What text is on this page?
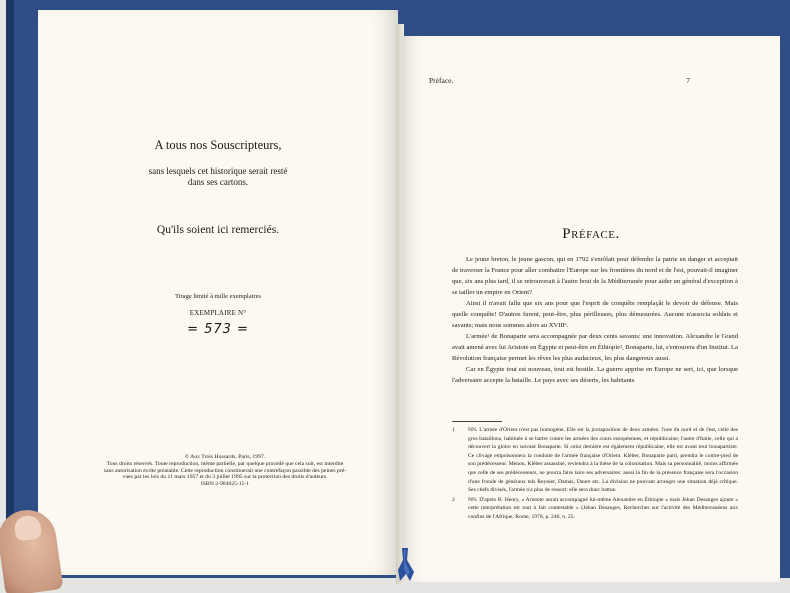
A tous nos Souscripteurs,
sans lesquels cet historique serait resté
dans ses cartons.
Qu'ils soient ici remerciés.
Tirage limité à mille exemplaires
EXEMPLAIRE N°
= 573 =
© Aux Trois Hussards, Paris, 1997.
Tous droits réservés. Toute reproduction, même partielle, par quelque procédé que cela soit, est interdite
sans autorisation écrite préalable. Cette reproduction constituerait une contrefaçon passible des peines pré-
vues par les lois du 11 mars 1957 et du 3 juillet 1995 sur la protection des droits d'auteurs.
ISBN 2-904025-11-1
Préface.	7
Préface.

Le jeune breton, le jeune gascon, qui en 1792 s'enrôlait pour défendre la patrie en danger et acceptait de traverser la France pour aller combattre l'Europe sur les frontières du nord et de l'est, pouvait-il imaginer que, six ans plus tard, il se retrouverait à l'autre bout de la Méditerranée pour aider un général d'exception à se tailler un empire en Orient?

Ainsi il n'avait fallu que six ans pour que l'esprit de conquête remplaçât le devoir de défense. Mais quelle conquête! D'autres furent, peut-être, plus périlleuses, plus démesurées. Aucune n'associa soldats et savants; mais nous sommes alors au XVIIIᵉ.

L'armée¹ de Bonaparte sera accompagnée par deux cents savants: une innovation. Alexandre le Grand avait amené avec lui Aristote en Égypte et peut-être en Éthiopie², Bonaparte, lui, s'entourera d'un Institut. La Révolution française permet les rêves les plus audacieux, les plus dangereux aussi.

Car en Égypte tout est nouveau, tout est hostile. La guerre apprise en Europe ne sert, ici, que lorsque l'adversaire accepte la bataille. Le pays avec ses déserts, les habitants

1	NN. L'armée d'Orient n'est pas homogène. Elle est la juxtaposition de deux armées: l'une du nord et de l'est, celle des gros bataillons, habituée à se battre contre les armées des cours européennes, et républicaine; l'autre d'Italie, celle qui a découvert la gloire en suivant Bonaparte. Si celui dernière est également républicaine, elle est avant tout bonapartiste. Ce clivage empoisonnera la conduite de l'armée française d'Orient. Kléber, Bonaparte parti, prendra le contre-pied de son prédécesseur. Menou, Kléber assassiné, reviendra à la thèse de la colonisation. Mais sa personnalité, moins affirmée que celle de ses prédécesseurs, ne pourra faire taire ses adversaires: aussi la fin de la présence française sera l'occasion d'une fronde de généraux tels Reynier, Damas, Daure etc. La division ne pouvant arranger une situation déjà critique. Ses chefs divisés, l'armée n'a plus de ressort: elle sera donc battue.
2	NN. D'après R. Henry, « Aristote aurait accompagné lui-même Alexandre en Éthiopie » mais Jehan Desanges ajoute « cette interprétation est tout à fait contestable » (Jehan Desanges, Recherches sur l'activité des Méditerranéens aux confins de l'Afrique, Rome, 1978, p. 246, n. 25.
